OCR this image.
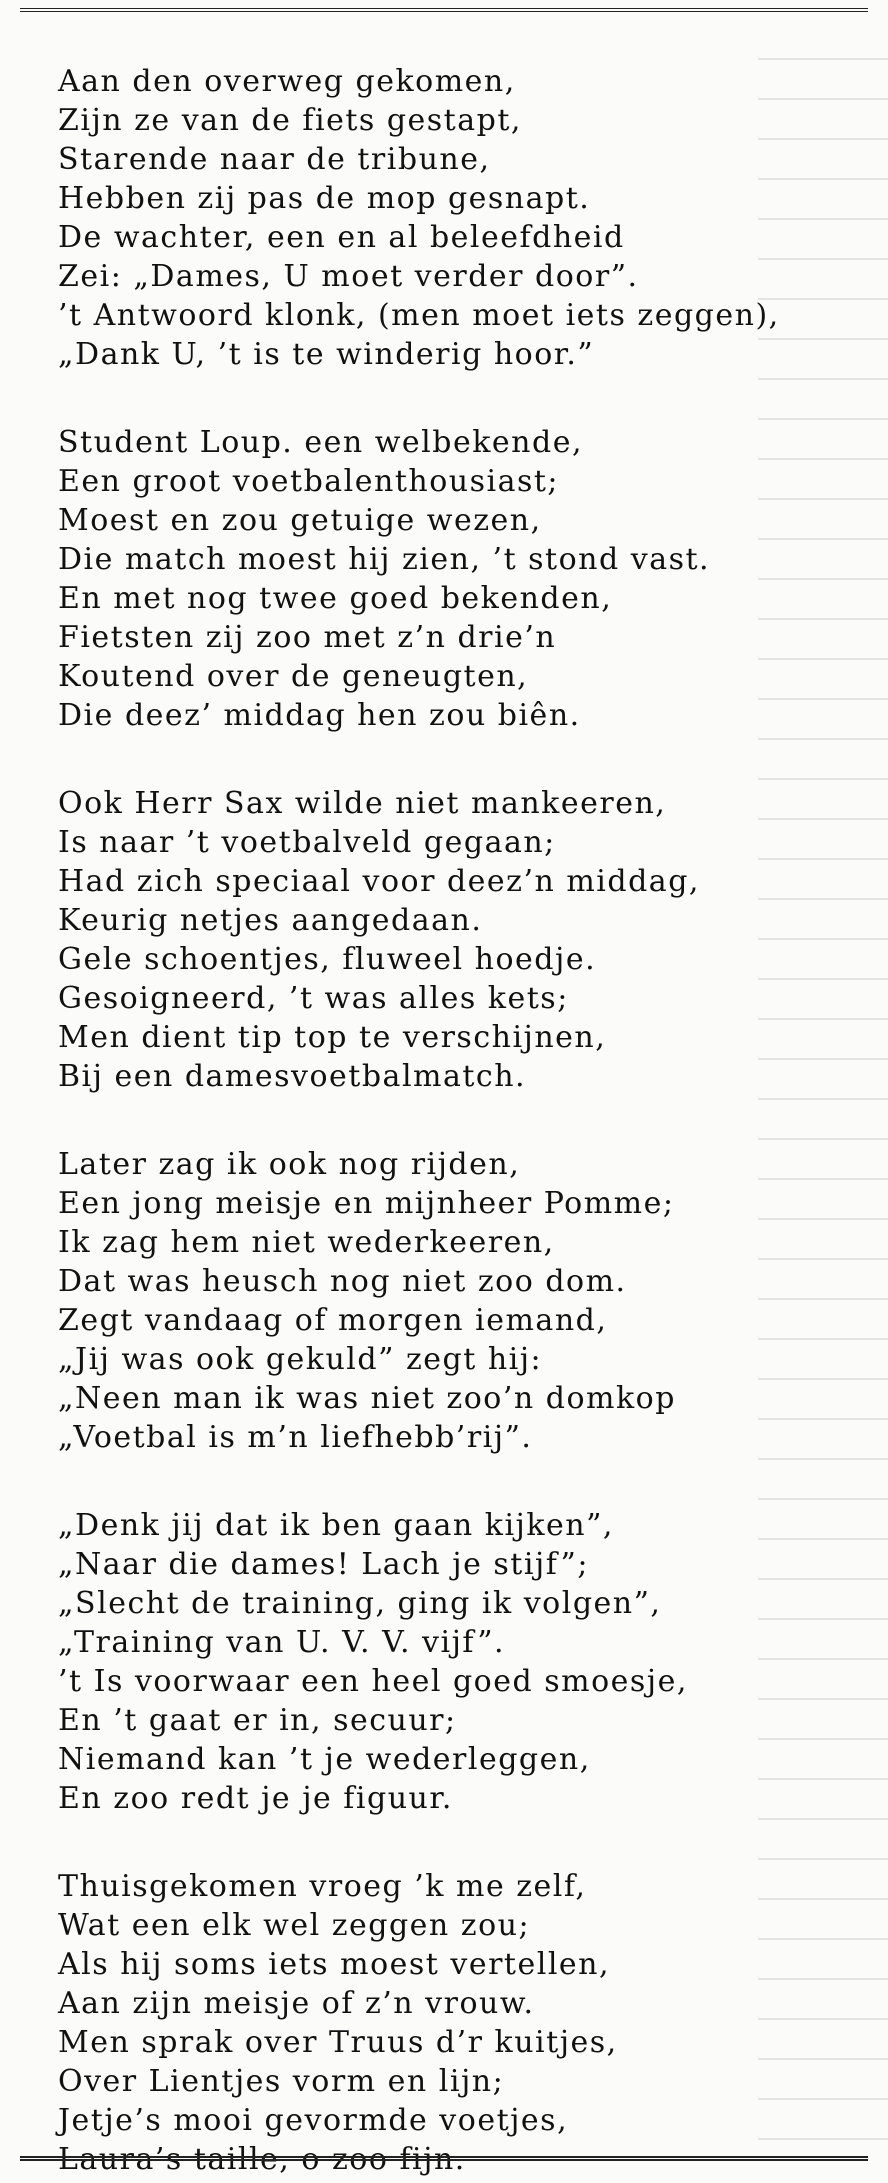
Aan den overweg gekomen,
Zijn ze van de fiets gestapt,
Starende naar de tribune,
Hebben zij pas de mop gesnapt.
De wachter, een en al beleefdheid
Zei: „Dames, U moet verder door”.
’t Antwoord klonk, (men moet iets zeggen),
„Dank U, ’t is te winderig hoor.”
Student Loup. een welbekende,
Een groot voetbalenthousiast;
Moest en zou getuige wezen,
Die match moest hij zien, ’t stond vast.
En met nog twee goed bekenden,
Fietsten zij zoo met z’n drie’n
Koutend over de geneugten,
Die deez’ middag hen zou biên.
Ook Herr Sax wilde niet mankeeren,
Is naar ’t voetbalveld gegaan;
Had zich speciaal voor deez’n middag,
Keurig netjes aangedaan.
Gele schoentjes, fluweel hoedje.
Gesoigneerd, ’t was alles kets;
Men dient tip top te verschijnen,
Bij een damesvoetbalmatch.
Later zag ik ook nog rijden,
Een jong meisje en mijnheer Pomme;
Ik zag hem niet wederkeeren,
Dat was heusch nog niet zoo dom.
Zegt vandaag of morgen iemand,
„Jij was ook gekuld” zegt hij:
„Neen man ik was niet zoo’n domkop
„Voetbal is m’n liefhebb’rij”.
„Denk jij dat ik ben gaan kijken”,
„Naar die dames! Lach je stijf”;
„Slecht de training, ging ik volgen”,
„Training van U. V. V. vijf”.
’t Is voorwaar een heel goed smoesje,
En ’t gaat er in, secuur;
Niemand kan ’t je wederleggen,
En zoo redt je je figuur.
Thuisgekomen vroeg ’k me zelf,
Wat een elk wel zeggen zou;
Als hij soms iets moest vertellen,
Aan zijn meisje of z’n vrouw.
Men sprak over Truus d’r kuitjes,
Over Lientjes vorm en lijn;
Jetje’s mooi gevormde voetjes,
Laura’s taille, o zoo fijn.
